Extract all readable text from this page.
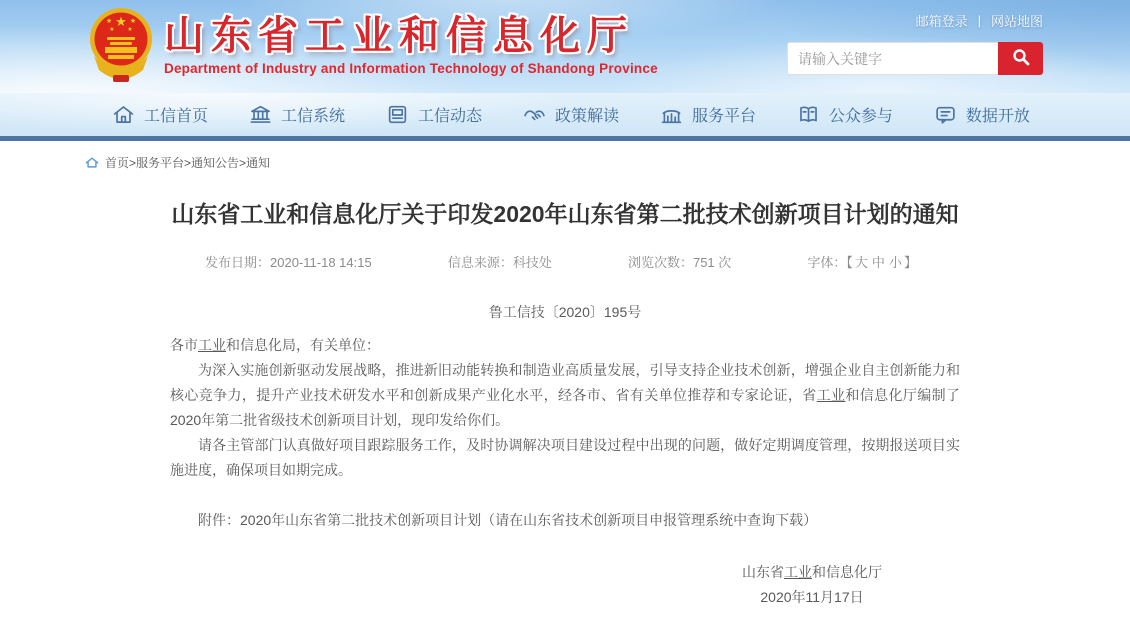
邮箱登录 | 网站地图
★
★	★
★ ★ 山东省工业和信息化厅
Department of Industry and Information Technology of Shandong Province
请输入关键字
工信首页	工信系统	工信动态	政策解读	服务平台	公众参与	数据开放
首页>服务平台>通知公告>通知
山东省工业和信息化厅关于印发2020年山东省第二批技术创新项目计划的通知
发布日期：2020-11-18 14:15	信息来源：科技处	浏览次数：751 次	字体：【 大 中 小 】
鲁工信技〔2020〕195号

各市工业和信息化局，有关单位：

为深入实施创新驱动发展战略，推进新旧动能转换和制造业高质量发展，引导支持企业技术创新，增强企业自主创新能力和核心竞争力，提升产业技术研发水平和创新成果产业化水平，经各市、省有关单位推荐和专家论证，省工业和信息化厅编制了2020年第二批省级技术创新项目计划，现印发给你们。

请各主管部门认真做好项目跟踪服务工作，及时协调解决项目建设过程中出现的问题，做好定期调度管理，按期报送项目实施进度，确保项目如期完成。

附件：2020年山东省第二批技术创新项目计划（请在山东省技术创新项目申报管理系统中查询下载）

山东省工业和信息化厅
2020年11月17日
